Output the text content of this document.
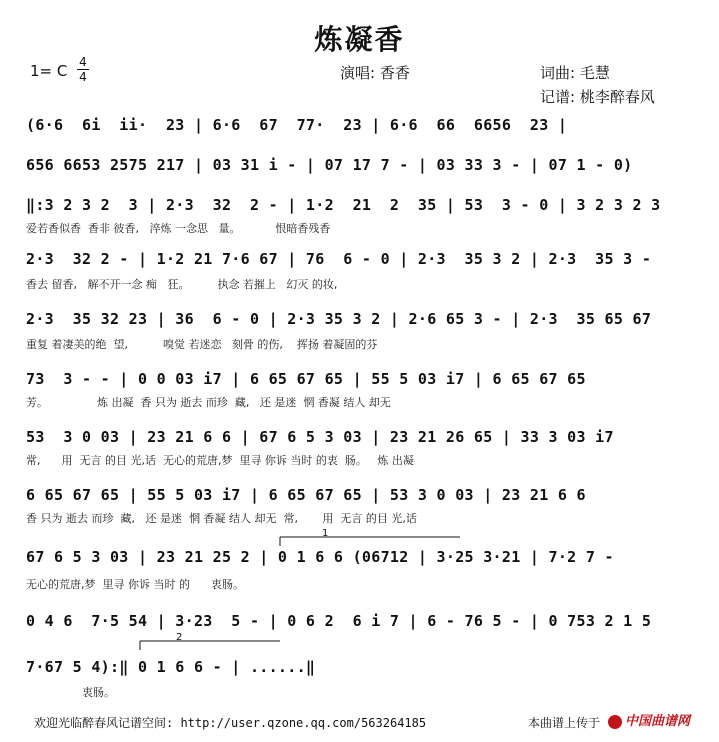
炼凝香
1= C 4
4	演唱: 香香	词曲: 毛慧
记谱: 桃李醉春风
(6·6  6i  ii·  23 | 6·6  67  77·  23 | 6·6  66  6656  23 |
656 6653 2575 217 | 03 31 i - | 07 17 7 - | 03 33 3 - | 07 1 - 0)
‖:3 2 3 2  3 | 2·3  32  2 - | 1·2  21  2  35 | 53  3 - 0 | 3 2 3 2 3
爱若香似香  香非 彼香,   淬炼 一念思   量。          恨暗香残香
2·3  32 2 - | 1·2 21 7·6 67 | 76  6 - 0 | 2·3  35 3 2 | 2·3  35 3 -
香去 留香,   解不开一念 痴   狂。        执念 若摧上   幻灭 的妆,
2·3  35 32 23 | 36  6 - 0 | 2·3 35 3 2 | 2·6 65 3 - | 2·3  35 65 67
重复 着凄美的绝  望,          嗅觉 若迷恋   刻骨 的伤,    挥扬 着凝固的芬
73  3 - - | 0 0 03 i7 | 6 65 67 65 | 55 5 03 i7 | 6 65 67 65
芳。              炼 出凝  香 只为 逝去 而珍  藏,   还 是迷  惘 香凝 结人 却无
53  3 0 03 | 23 21 6 6 | 67 6 5 3 03 | 23 21 26 65 | 33 3 03 i7
常,      用  无言 的目 光,话  无心的荒唐,梦  里寻 你诉 当时 的衷  肠。   炼 出凝
6 65 67 65 | 55 5 03 i7 | 6 65 67 65 | 53 3 0 03 | 23 21 6 6
香 只为 逝去 而珍  藏,   还 是迷  惘 香凝 结人 却无  常,       用  无言 的目 光,话
67 6 5 3 03 | 23 21 25 2 | 0 1 6 6 (06712 | 3·25 3·21 | 7·2 7 -
无心的荒唐,梦  里寻 你诉 当时 的      衷肠。
0 4 6  7·5 54 | 3·23  5 - | 0 6 2  6 i 7 | 6 - 76 5 - | 0 753 2 1 5
7·67 5 4):‖ 0 1 6 6 - | ......‖
衷肠。
1
2
欢迎光临醉春风记谱空间: http://user.qzone.qq.com/563264185	本曲谱上传于	中国曲谱网
